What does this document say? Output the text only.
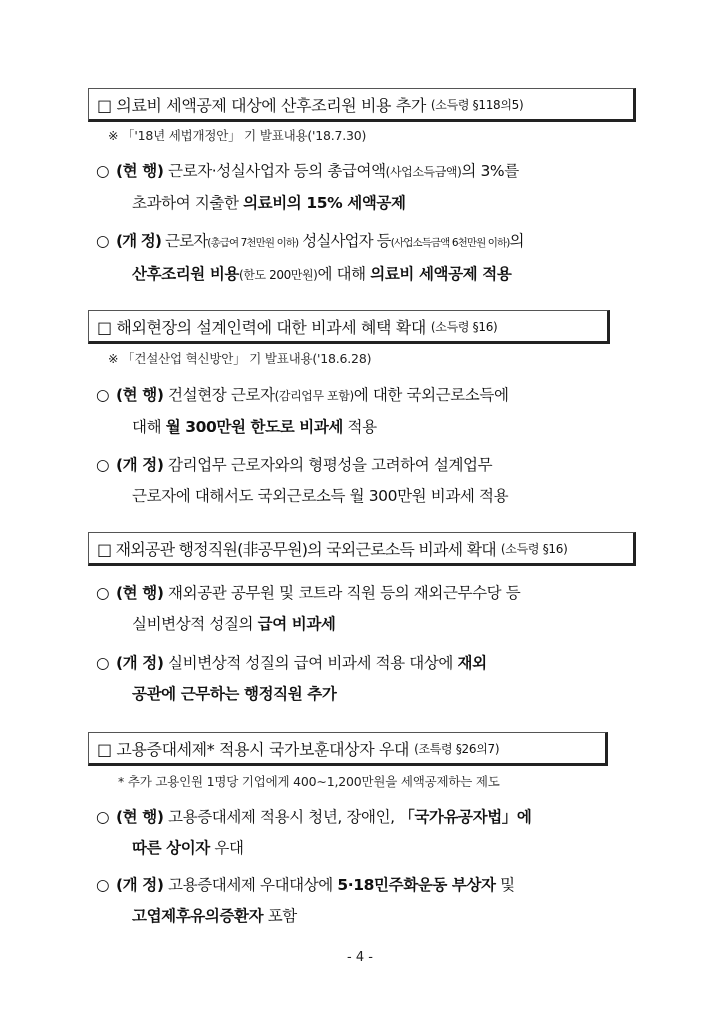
□ 의료비 세액공제 대상에 산후조리원 비용 추가 (소득령 §118의5)
※ 「'18년 세법개정안」 기 발표내용('18.7.30)
○ (현 행) 근로자·성실사업자 등의 총급여액(사업소득금액)의 3%를
초과하여 지출한 의료비의 15% 세액공제
○ (개 정) 근로자(총급여 7천만원 이하) 성실사업자 등(사업소득금액 6천만원 이하)의
산후조리원 비용(한도 200만원)에 대해 의료비 세액공제 적용
□ 해외현장의 설계인력에 대한 비과세 혜택 확대 (소득령 §16)
※ 「건설산업 혁신방안」 기 발표내용('18.6.28)
○ (현 행) 건설현장 근로자(감리업무 포함)에 대한 국외근로소득에
대해 월 300만원 한도로 비과세 적용
○ (개 정) 감리업무 근로자와의 형평성을 고려하여 설계업무
근로자에 대해서도 국외근로소득 월 300만원 비과세 적용
□ 재외공관 행정직원(非공무원)의 국외근로소득 비과세 확대 (소득령 §16)
○ (현 행) 재외공관 공무원 및 코트라 직원 등의 재외근무수당 등
실비변상적 성질의 급여 비과세
○ (개 정) 실비변상적 성질의 급여 비과세 적용 대상에 재외
공관에 근무하는 행정직원 추가
□ 고용증대세제* 적용시 국가보훈대상자 우대 (조특령 §26의7)
* 추가 고용인원 1명당 기업에게 400∼1,200만원을 세액공제하는 제도
○ (현 행) 고용증대세제 적용시 청년, 장애인, 「국가유공자법」에
따른 상이자 우대
○ (개 정) 고용증대세제 우대대상에 5·18민주화운동 부상자 및
고엽제후유의증환자 포함
- 4 -
